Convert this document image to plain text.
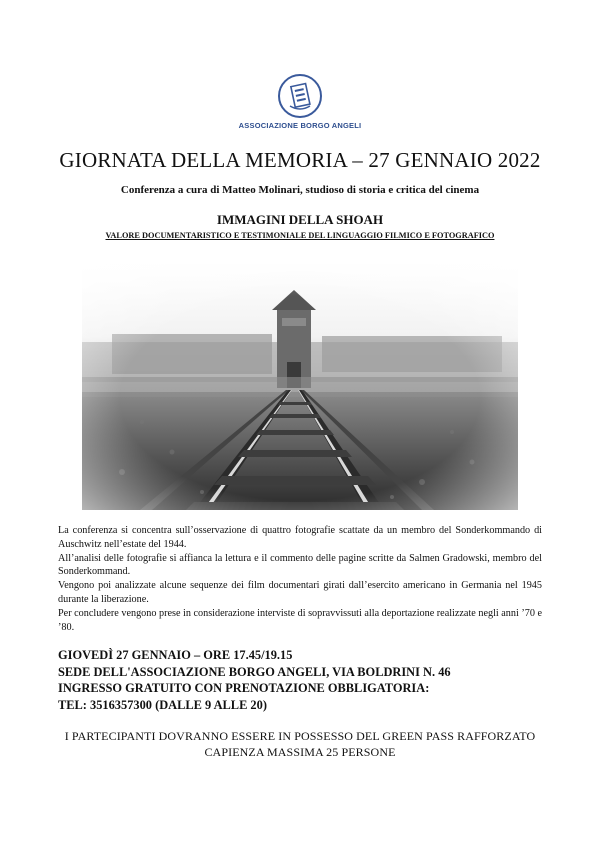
ASSOCIAZIONE BORGO ANGELI
GIORNATA DELLA MEMORIA – 27 GENNAIO 2022
Conferenza a cura di Matteo Molinari, studioso di storia e critica del cinema
IMMAGINI DELLA SHOAH
VALORE DOCUMENTARISTICO E TESTIMONIALE DEL LINGUAGGIO FILMICO E FOTOGRAFICO

La conferenza si concentra sull’osservazione di quattro fotografie scattate da un membro del Sonderkommando di Auschwitz nell’estate del 1944.

All’analisi delle fotografie si affianca la lettura e il commento delle pagine scritte da Salmen Gradowski, membro del Sonderkommand.

Vengono poi analizzate alcune sequenze dei film documentari girati dall’esercito americano in Germania nel 1945 durante la liberazione.

Per concludere vengono prese in considerazione interviste di sopravvissuti alla deportazione realizzate negli anni ’70 e ’80.

GIOVEDÌ 27 GENNAIO – ORE 17.45/19.15
SEDE DELL'ASSOCIAZIONE BORGO ANGELI, VIA BOLDRINI N. 46
INGRESSO GRATUITO CON PRENOTAZIONE OBBLIGATORIA:
TEL: 3516357300 (DALLE 9 ALLE 20)
I PARTECIPANTI DOVRANNO ESSERE IN POSSESSO DEL GREEN PASS RAFFORZATO
CAPIENZA MASSIMA 25 PERSONE
